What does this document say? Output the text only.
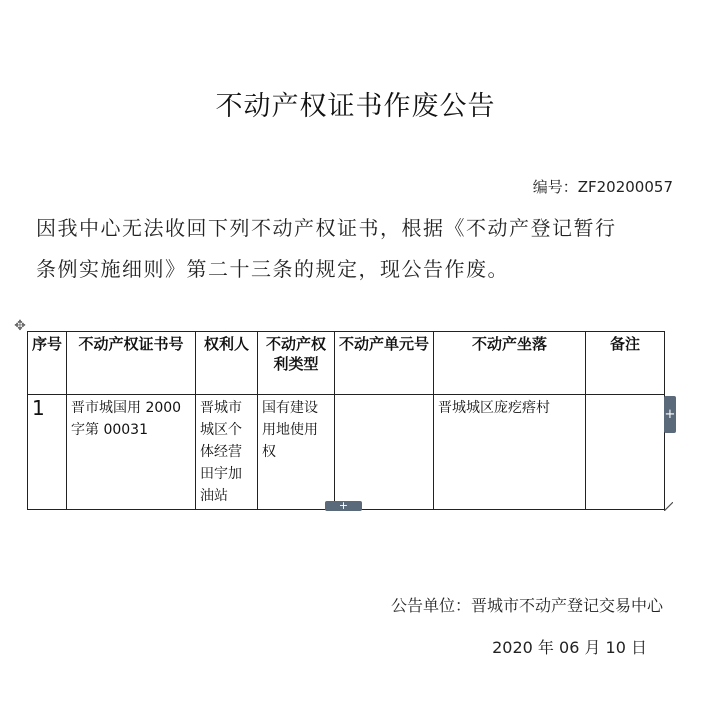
不动产权证书作废公告
编号：ZF20200057

因我中心无法收回下列不动产权证书，根据《不动产登记暂行

条例实施细则》第二十三条的规定，现公告作废。

✥
序号	不动产权证书号	权利人	不动产权利类型	不动产单元号	不动产坐落	备注
1	晋市城国用 2000 字第 00031	晋城市城区个体经营田宇加油站	国有建设用地使用权		晋城城区庞疙瘩村		+
+
公告单位：晋城市不动产登记交易中心
2020 年 06 月 10 日
